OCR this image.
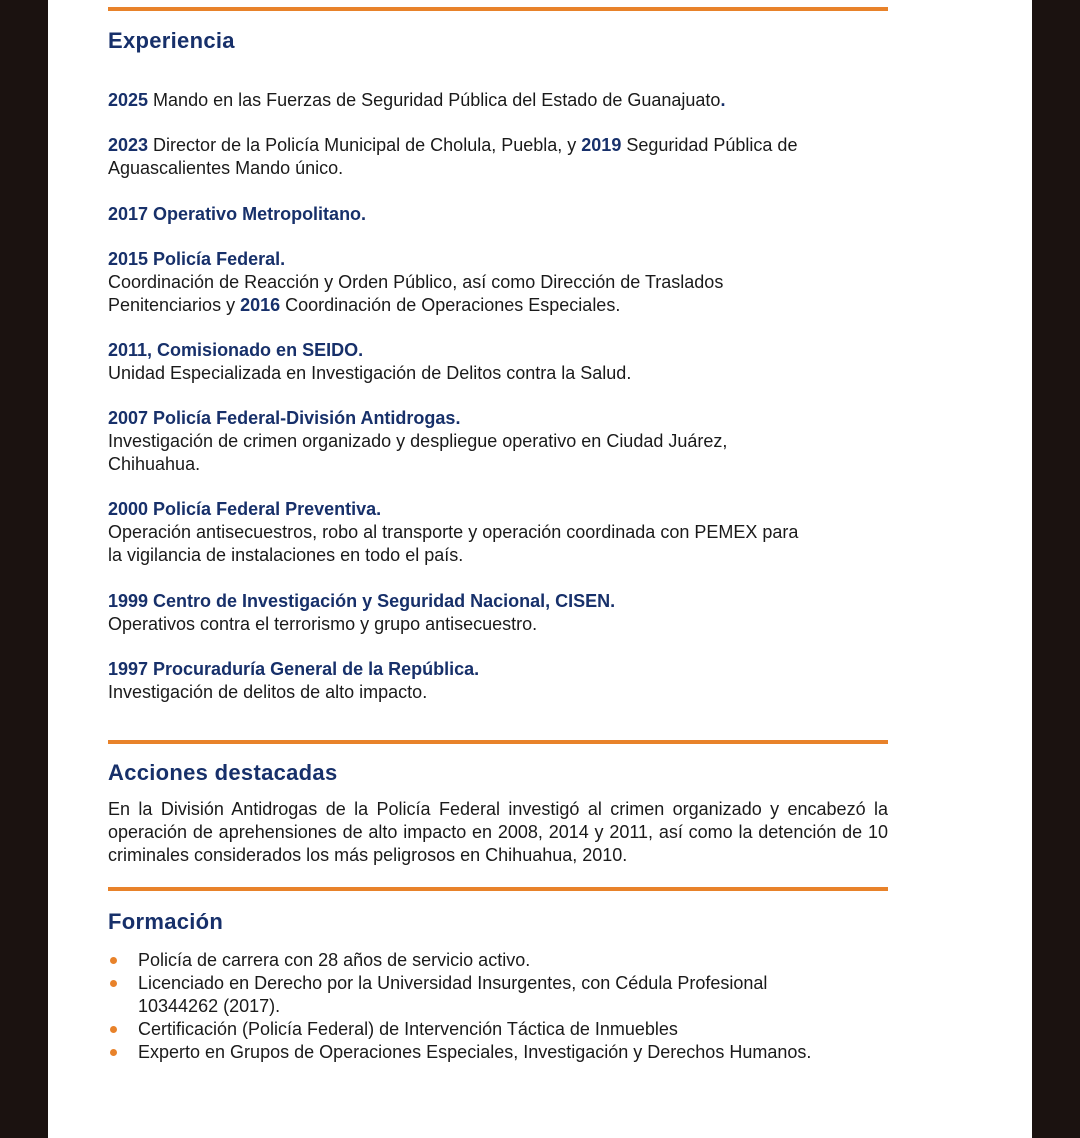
Experiencia
2025 Mando en las Fuerzas de Seguridad Pública del Estado de Guanajuato.
2023 Director de la Policía Municipal de Cholula, Puebla, y 2019 Seguridad Pública de
Aguascalientes Mando único.
2017 Operativo Metropolitano.
2015 Policía Federal.
Coordinación de Reacción y Orden Público, así como Dirección de Traslados
Penitenciarios y 2016 Coordinación de Operaciones Especiales.
2011, Comisionado en SEIDO.
Unidad Especializada en Investigación de Delitos contra la Salud.
2007 Policía Federal-División Antidrogas.
Investigación de crimen organizado y despliegue operativo en Ciudad Juárez,
Chihuahua.
2000 Policía Federal Preventiva.
Operación antisecuestros, robo al transporte y operación coordinada con PEMEX para
la vigilancia de instalaciones en todo el país.
1999 Centro de Investigación y Seguridad Nacional, CISEN.
Operativos contra el terrorismo y grupo antisecuestro.
1997 Procuraduría General de la República.
Investigación de delitos de alto impacto.
Acciones destacadas

En la División Antidrogas de la Policía Federal investigó al crimen organizado y encabezó la operación de aprehensiones de alto impacto en 2008, 2014 y 2011, así como la detención de 10 criminales considerados los más peligrosos en Chihuahua, 2010.

Formación
Policía de carrera con 28 años de servicio activo.
Licenciado en Derecho por la Universidad Insurgentes, con Cédula Profesional
10344262 (2017).
Certificación (Policía Federal) de Intervención Táctica de Inmuebles
Experto en Grupos de Operaciones Especiales, Investigación y Derechos Humanos.
